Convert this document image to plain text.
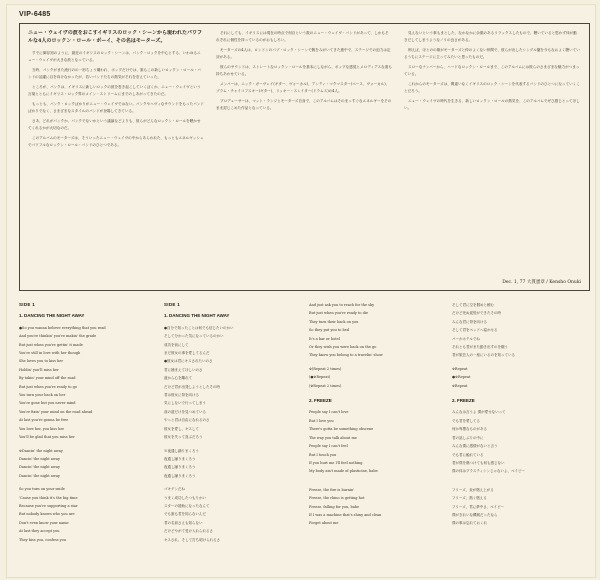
VIP-6485
ニュー・ウェイヴの波をおこすイギリスのロック・シーンから現われたパワフルな4人のロックン・ロール・ボーイ、その名はモーターズ。

すでに御存知のように、最近のイギリスのロック・シーンは、パンク・ロックを中心とする、いわゆるニュー・ウェイヴが大きな波となっている。

当時、パンクがまた流行のの一形ちょう嫌われ、ポップだけでは、誰もこの新しいロックン・ロール・バンドの活躍に目を向けなかったが、若いバンドたちの熱気がそれを変えていった。

ところが、パンクは、イギリスに新しいロックの波を巻き起こしていくばくか、ニュー・ウェイヴという言葉とともにイギリス・ロック界のメイン・ストリームにまでのしあがってきたのだ。

もっとも、パンク・ロックばかりがニュー・ウェイヴではない。パンクやヘヴィなサウンドをもったバンドばかりでなく、さまざまなスタイルのバンドが登場してきている。

さあ、どれがパンクか、パンクでないかという議論などよりも、彼らがどんなロックン・ロールを聴かせてくれるかが大切なのだ。

このアルバムのモーターズは、そういったニュー・ウェイヴの中からあらわれた、もっともエネルギッシュでパワフルなロックン・ロール・バンドのひとつである。

それにしても、イギリスには現在の時点で何百という数のニュー・ウェイヴ・バンドがあって、しかもそれぞれに個性を持っているのがおもしろい。

モーターズの4人は、ロンドンのパブ・ロック・シーンで腕をみがいてきた連中で、ステージでの迫力は定評がある。

彼らのサウンドは、ストレートなロックン・ロールを基本にしながら、ポップな感覚とメロディアスな面も持ちあわせている。

メンバーは、ニック・ガーヴェイ(ギター、ヴォーカル)、アンディ・マクマスター(ベース、ヴォーカル)、ブラム・チャイコフスキー(ギター)、リッキー・スレイター(ドラムス)の4人。

プロデューサーは、マット・ランジとモーターズ自身で、このアルバムはそのまっすぐなエネルギーをそのまま封じこめた作品となっている。

見えないという事もまとした、なかなかに余韻のあるリラックスしたもので、聴いていると思わず体が動きだしてしまうようなノリの良さがある。

例えば、ほとのの雄がモーターズと仲のよくない仲間で、彼らが出したシングル盤を今もなおよく聴いているうちにステージに立ってみたいと思ったものだ。

スローなナンバーから、ハードなロックン・ロールまで、このアルバムには彼らのさまざまな魅力がつまっている。

これからのモーターズは、間違いなくイギリスのロック・シーンを代表するバンドのひとつになっていくことだろう。

ニュー・ウェイヴの時代を生きる、新しいロックン・ロールの熱気を、このアルバムでぜひ感じとってほしい。

Dec. 1, 77 大貫憲章 / Kensho Onuki
SIDE 1
1. DANCING THE NIGHT AWAY
●So you wanna believe everything that you read
And you're thinkin' you're makin' the grade
But just when you're gettin' it made
You're still in love with her though
She loves you to kiss her
Holdin' you'll miss her
By takin' your mind off the road
But just when you're ready to go
You turn your back on her
You're gone but you never mind
You're fixin' your mind on the road ahead
At last you're gonna be free
You love her, you kiss her
You'll be glad that you miss her
※Dancin' the night away
Dancin' the night away
Dancin' the night away
Dancin' the night away
So you turn on your smile
'Cause you think it's the big time
Because you're supporting a star
But nobody knows who you are
Don't even know your name
At last they accept you
They kiss you, confess you
SIDE 1
1. DANCING THE NIGHT AWAY
●自分で知ったことは何でも信じたいのかい
そして分かった気になっているのかい
成功を前にして
まだ彼女の事を愛してるんだ
●彼女は君にキスされたいのさ
君に捕まえてほしいのさ
道から心を離れて
だけど君が出発しようとしたその時
君は彼女に背を向ける
気にしないで行ってしまう
前の道だけを見つめている
やっと君は自由になれるのさ
彼女を愛し、キスして
彼女を失って喜ぶだろう
※夜通し踊りまくろう
夜通し踊りまくろう
夜通し踊りまくろう
夜通し踊りまくろう
ゴキゲンだね
うまく成功したつもりかい
スターの援助になったなんて
でも誰も君を知らないんだ
君の名前さえも知らない
だけどやがて受け入れられるさ
キスされ、そして打ち明けられるさ
And just ask you to reach for the sky
But just when you're ready to die
They turn their back on you
So they put you to bed
It's a bar or hotel
Or they wish you were back on the go
They know you belong to a travelin' show
※(Repeat 2 times)
(●※Repeat)
(※Repeat 2 times)
2. FREEZE
People say I can't love
But I love you
There's gotta be something obscene
The way you talk about me
People say I can't feel
But I touch you
If you hurt me I'll feel nothing
My body ain't made of plasticine, babe
Freeze, the fire is burnin'
Freeze, the rhino is getting hot
Freeze, falling for you, babe
If I was a machine that's shiny and clean
Forget about me
そして君に空を掴めと頼む
だけど死ぬ覚悟ができたその時
みんな君に背を向ける
そして君をベッドへ寝かせる
バーかホテルでね
それとも君がまた動き出すのを願う
君が旅芸人の一座にいるのを知っている
※Repeat
●※Repeat
※Repeat
2. FREEZE
みんなは言うよ 僕が愛せないって
でも君を愛してる
何か卑猥なものがある
君の話しぶりの中に
みんな僕に感情がないと言う
でも君に触れている
君が僕を傷つけても何も感じない
僕の体はプラスティシンじゃないよ、ベイビー
フリーズ、炎が燃え上がる
フリーズ、熱く燃える
フリーズ、君に夢中さ、ベイビー
僕がきれいな機械だったなら
僕の事は忘れておくれ
